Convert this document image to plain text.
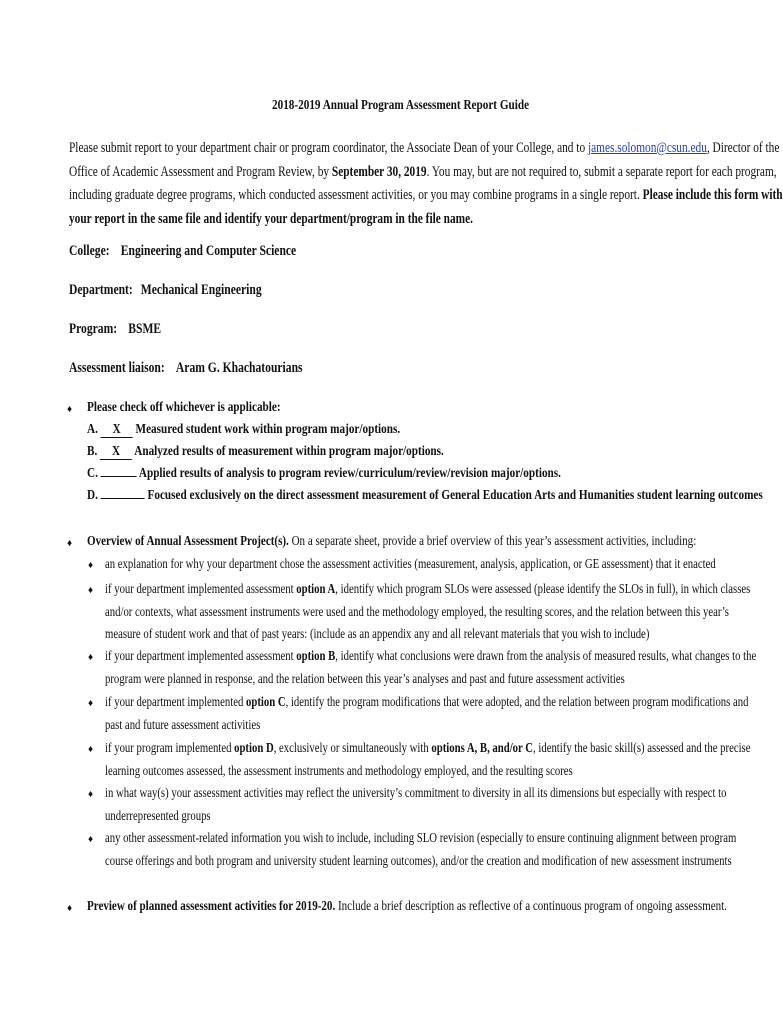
2018-2019 Annual Program Assessment Report Guide
Please submit report to your department chair or program coordinator, the Associate Dean of your College, and to james.solomon@csun.edu, Director of the
Office of Academic Assessment and Program Review, by September 30, 2019. You may, but are not required to, submit a separate report for each program,
including graduate degree programs, which conducted assessment activities, or you may combine programs in a single report. Please include this form with
your report in the same file and identify your department/program in the file name.
College: Engineering and Computer Science
Department: Mechanical Engineering
Program: BSME
Assessment liaison: Aram G. Khachatourians
♦ Please check off whichever is applicable:
A. X Measured student work within program major/options.
B. X Analyzed results of measurement within program major/options.
C.	Applied results of analysis to program review/curriculum/review/revision major/options.
D.	Focused exclusively on the direct assessment measurement of General Education Arts and Humanities student learning outcomes
♦ Overview of Annual Assessment Project(s). On a separate sheet, provide a brief overview of this year’s assessment activities, including:
♦ an explanation for why your department chose the assessment activities (measurement, analysis, application, or GE assessment) that it enacted
♦ if your department implemented assessment option A, identify which program SLOs were assessed (please identify the SLOs in full), in which classes
and/or contexts, what assessment instruments were used and the methodology employed, the resulting scores, and the relation between this year’s
measure of student work and that of past years: (include as an appendix any and all relevant materials that you wish to include)
♦ if your department implemented assessment option B, identify what conclusions were drawn from the analysis of measured results, what changes to the
program were planned in response, and the relation between this year’s analyses and past and future assessment activities
♦ if your department implemented option C, identify the program modifications that were adopted, and the relation between program modifications and
past and future assessment activities
♦ if your program implemented option D, exclusively or simultaneously with options A, B, and/or C, identify the basic skill(s) assessed and the precise
learning outcomes assessed, the assessment instruments and methodology employed, and the resulting scores
♦ in what way(s) your assessment activities may reflect the university’s commitment to diversity in all its dimensions but especially with respect to
underrepresented groups
♦ any other assessment-related information you wish to include, including SLO revision (especially to ensure continuing alignment between program
course offerings and both program and university student learning outcomes), and/or the creation and modification of new assessment instruments
♦ Preview of planned assessment activities for 2019-20. Include a brief description as reflective of a continuous program of ongoing assessment.
